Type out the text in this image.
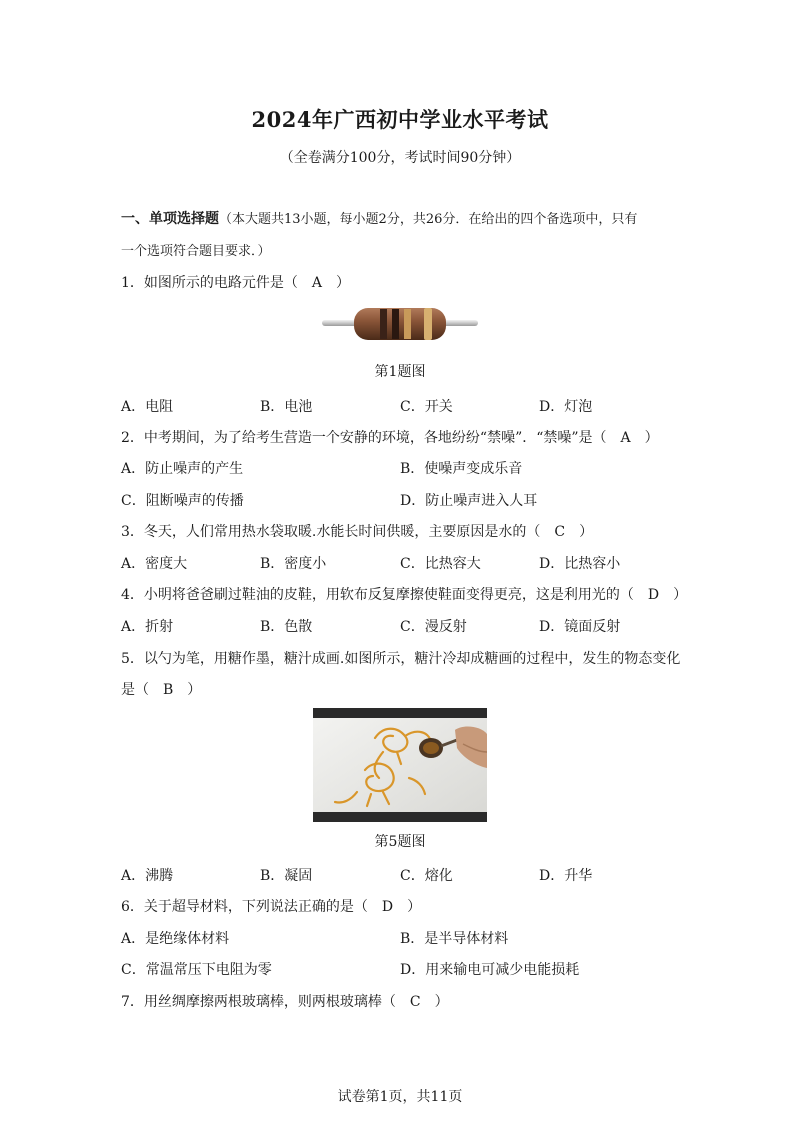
2024年广西初中学业水平考试
（全卷满分100分，考试时间90分钟）
一、单项选择题（本大题共13小题，每小题2分，共26分．在给出的四个备选项中，只有
一个选项符合题目要求．）
1．如图所示的电路元件是（　A　）
第1题图
A．电阻	B．电池	C．开关	D．灯泡
2．中考期间，为了给考生营造一个安静的环境，各地纷纷“禁噪”．“禁噪”是（　A　）
A．防止噪声的产生	B．使噪声变成乐音
C．阻断噪声的传播	D．防止噪声进入人耳
3．冬天，人们常用热水袋取暖.水能长时间供暖，主要原因是水的（　C　）
A．密度大	B．密度小	C．比热容大	D．比热容小
4．小明将爸爸刷过鞋油的皮鞋，用软布反复摩擦使鞋面变得更亮，这是利用光的（　D　）
A．折射	B．色散	C．漫反射	D．镜面反射
5．以勺为笔，用糖作墨，糖汁成画.如图所示，糖汁冷却成糖画的过程中，发生的物态变化
是（　B　）
第5题图
A．沸腾	B．凝固	C．熔化	D．升华
6．关于超导材料，下列说法正确的是（　D　）
A．是绝缘体材料	B．是半导体材料
C．常温常压下电阻为零	D．用来输电可减少电能损耗
7．用丝绸摩擦两根玻璃棒，则两根玻璃棒（　C　）
试卷第1页，共11页
